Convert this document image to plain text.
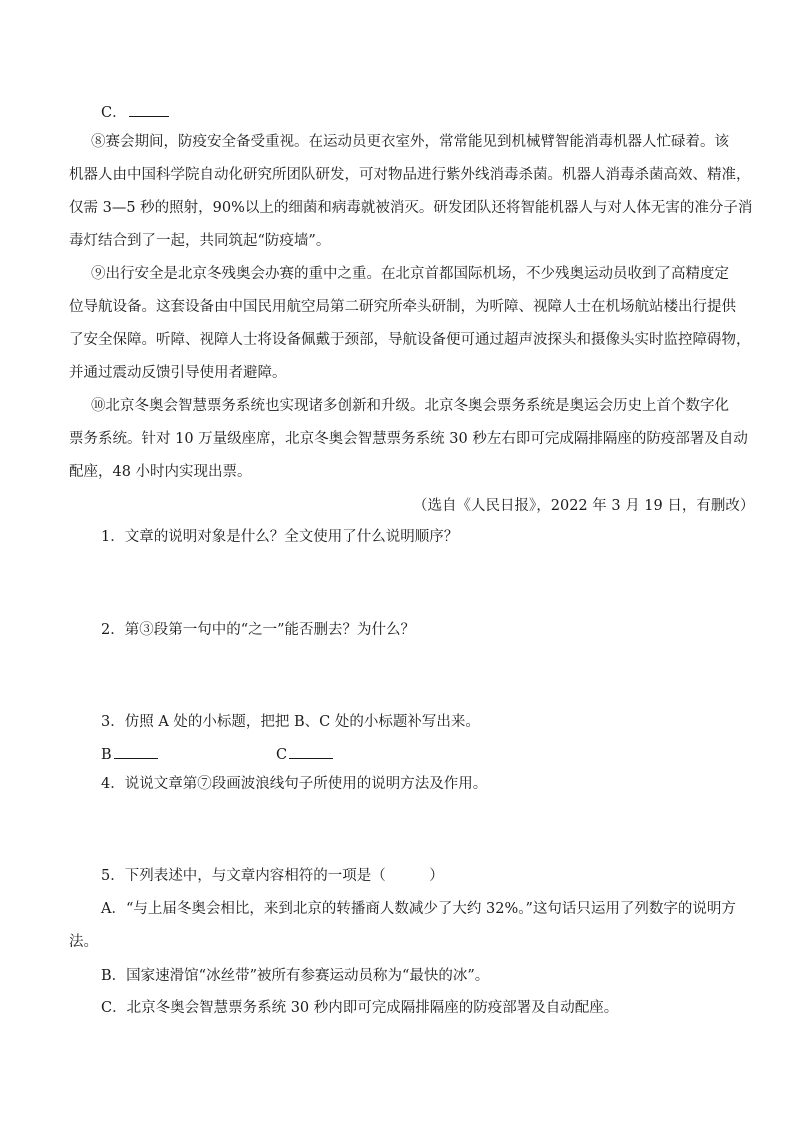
C．
⑧赛会期间，防疫安全备受重视。在运动员更衣室外，常常能见到机械臂智能消毒机器人忙碌着。该
机器人由中国科学院自动化研究所团队研发，可对物品进行紫外线消毒杀菌。机器人消毒杀菌高效、精准，
仅需 3—5 秒的照射，90%以上的细菌和病毒就被消灭。研发团队还将智能机器人与对人体无害的准分子消
毒灯结合到了一起，共同筑起“防疫墙”。
⑨出行安全是北京冬残奥会办赛的重中之重。在北京首都国际机场，不少残奥运动员收到了高精度定
位导航设备。这套设备由中国民用航空局第二研究所牵头研制，为听障、视障人士在机场航站楼出行提供
了安全保障。听障、视障人士将设备佩戴于颈部，导航设备便可通过超声波探头和摄像头实时监控障碍物，
并通过震动反馈引导使用者避障。
⑩北京冬奥会智慧票务系统也实现诸多创新和升级。北京冬奥会票务系统是奥运会历史上首个数字化
票务系统。针对 10 万量级座席，北京冬奥会智慧票务系统 30 秒左右即可完成隔排隔座的防疫部署及自动
配座，48 小时内实现出票。
（选自《人民日报》，2022 年 3 月 19 日，有删改）
1．文章的说明对象是什么？全文使用了什么说明顺序？
2．第③段第一句中的“之一”能否删去？为什么？
3．仿照 A 处的小标题，把把 B、C 处的小标题补写出来。
B	C
4．说说文章第⑦段画波浪线句子所使用的说明方法及作用。
5．下列表述中，与文章内容相符的一项是（　　　）
A．“与上届冬奥会相比，来到北京的转播商人数减少了大约 32%。”这句话只运用了列数字的说明方
法。
B．国家速滑馆“冰丝带”被所有参赛运动员称为“最快的冰”。
C．北京冬奥会智慧票务系统 30 秒内即可完成隔排隔座的防疫部署及自动配座。
